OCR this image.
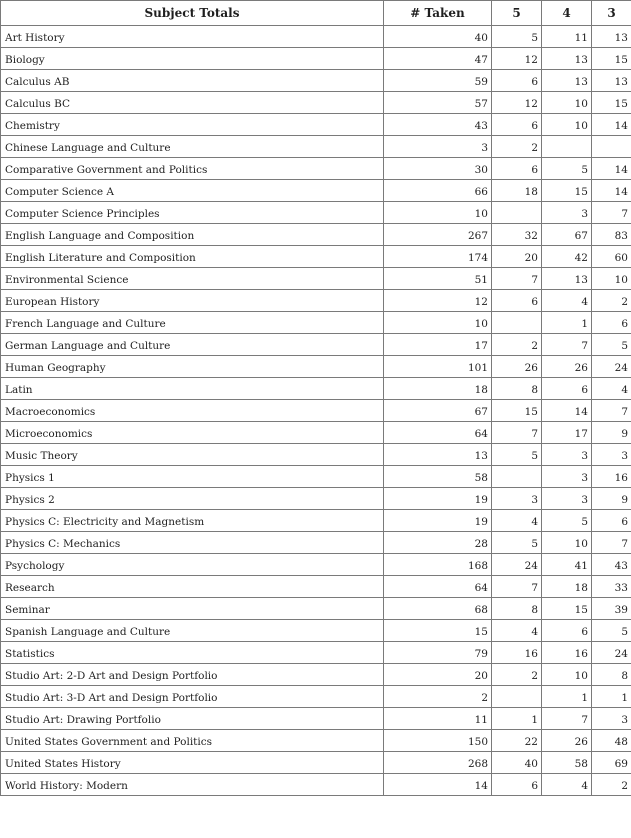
Subject Totals	# Taken	5	4	3
Art History	40	5	11	13
Biology	47	12	13	15
Calculus AB	59	6	13	13
Calculus BC	57	12	10	15
Chemistry	43	6	10	14
Chinese Language and Culture	3	2		
Comparative Government and Politics	30	6	5	14
Computer Science A	66	18	15	14
Computer Science Principles	10		3	7
English Language and Composition	267	32	67	83
English Literature and Composition	174	20	42	60
Environmental Science	51	7	13	10
European History	12	6	4	2
French Language and Culture	10		1	6
German Language and Culture	17	2	7	5
Human Geography	101	26	26	24
Latin	18	8	6	4
Macroeconomics	67	15	14	7
Microeconomics	64	7	17	9
Music Theory	13	5	3	3
Physics 1	58		3	16
Physics 2	19	3	3	9
Physics C: Electricity and Magnetism	19	4	5	6
Physics C: Mechanics	28	5	10	7
Psychology	168	24	41	43
Research	64	7	18	33
Seminar	68	8	15	39
Spanish Language and Culture	15	4	6	5
Statistics	79	16	16	24
Studio Art: 2-D Art and Design Portfolio	20	2	10	8
Studio Art: 3-D Art and Design Portfolio	2		1	1
Studio Art: Drawing Portfolio	11	1	7	3
United States Government and Politics	150	22	26	48
United States History	268	40	58	69
World History: Modern	14	6	4	2
